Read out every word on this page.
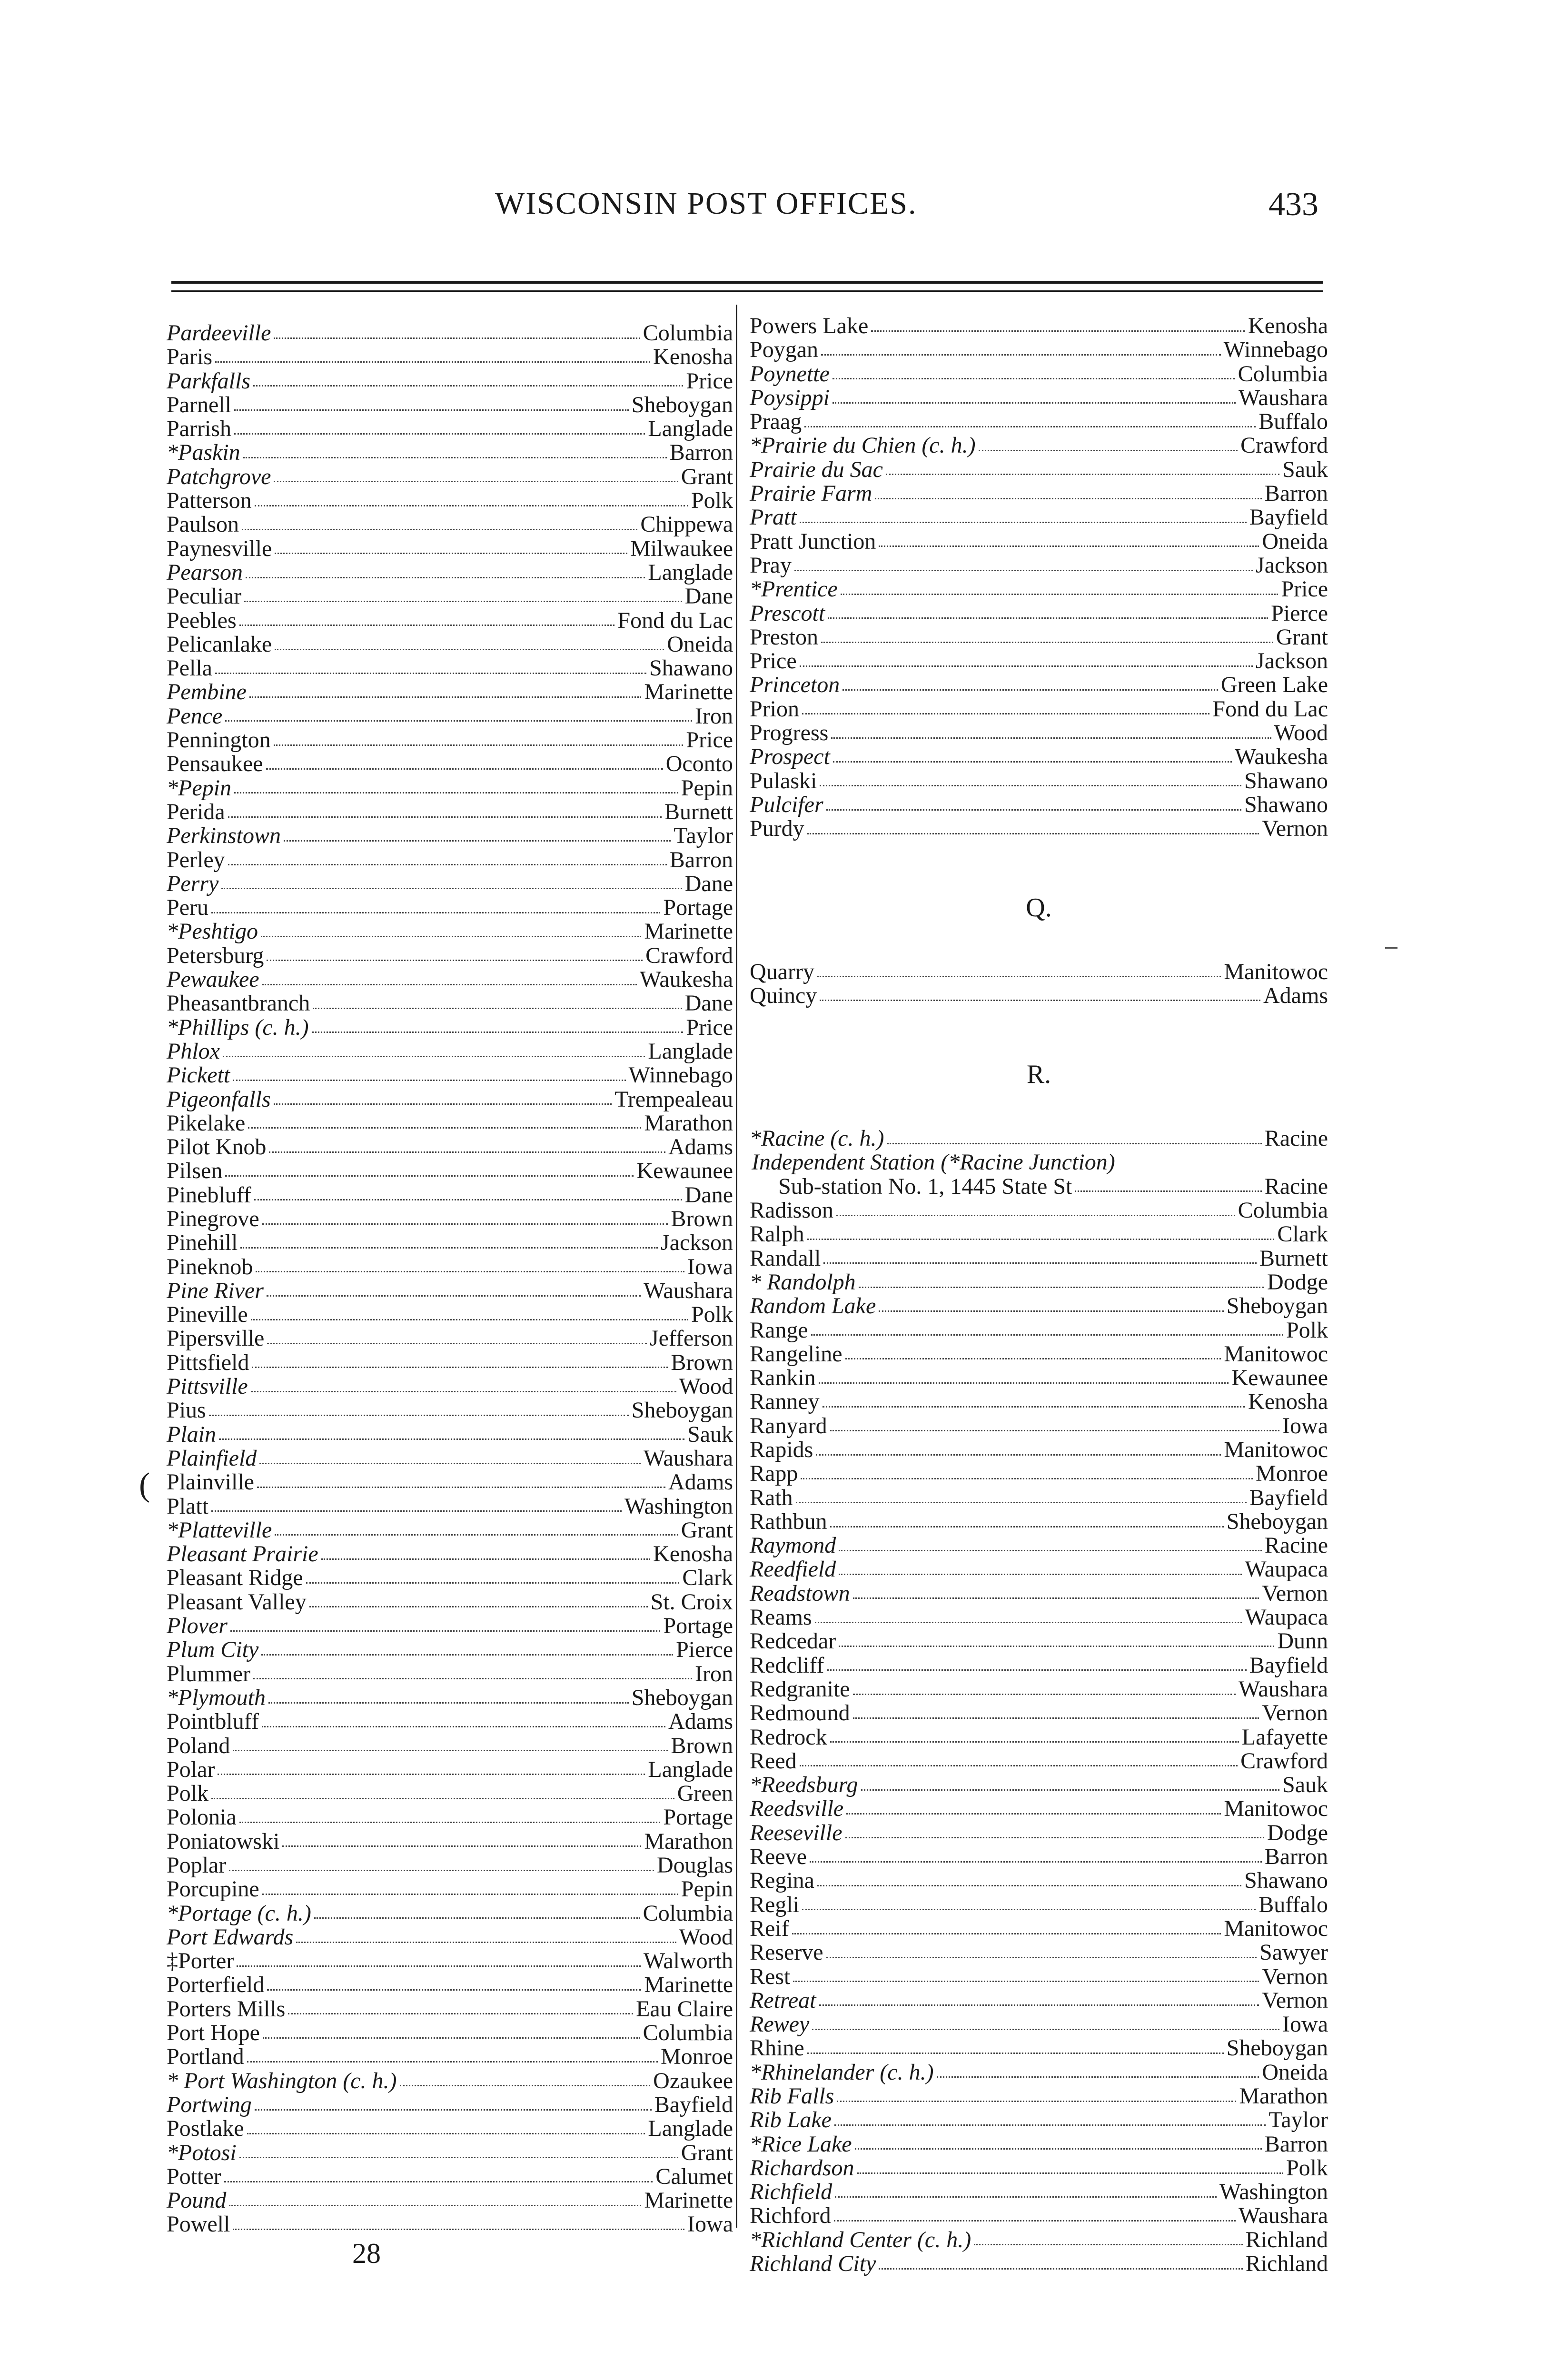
WISCONSIN POST OFFICES.	433
Pardeeville	Columbia
Paris	Kenosha
Parkfalls	Price
Parnell	Sheboygan
Parrish	Langlade
*Paskin	Barron
Patchgrove	Grant
Patterson	Polk
Paulson	Chippewa
Paynesville	Milwaukee
Pearson	Langlade
Peculiar	Dane
Peebles	Fond du Lac
Pelicanlake	Oneida
Pella	Shawano
Pembine	Marinette
Pence	Iron
Pennington	Price
Pensaukee	Oconto
*Pepin	Pepin
Perida	Burnett
Perkinstown	Taylor
Perley	Barron
Perry	Dane
Peru	Portage
*Peshtigo	Marinette
Petersburg	Crawford
Pewaukee	Waukesha
Pheasantbranch	Dane
*Phillips (c. h.)	Price
Phlox	Langlade
Pickett	Winnebago
Pigeonfalls	Trempealeau
Pikelake	Marathon
Pilot Knob	Adams
Pilsen	Kewaunee
Pinebluff	Dane
Pinegrove	Brown
Pinehill	Jackson
Pineknob	Iowa
Pine River	Waushara
Pineville	Polk
Pipersville	Jefferson
Pittsfield	Brown
Pittsville	Wood
Pius	Sheboygan
Plain	Sauk
Plainfield	Waushara
Plainville	Adams
Platt	Washington
*Platteville	Grant
Pleasant Prairie	Kenosha
Pleasant Ridge	Clark
Pleasant Valley	St. Croix
Plover	Portage
Plum City	Pierce
Plummer	Iron
*Plymouth	Sheboygan
Pointbluff	Adams
Poland	Brown
Polar	Langlade
Polk	Green
Polonia	Portage
Poniatowski	Marathon
Poplar	Douglas
Porcupine	Pepin
*Portage (c. h.)	Columbia
Port Edwards	Wood
‡Porter	Walworth
Porterfield	Marinette
Porters Mills	Eau Claire
Port Hope	Columbia
Portland	Monroe
* Port Washington (c. h.)	Ozaukee
Portwing	Bayfield
Postlake	Langlade
*Potosi	Grant
Potter	Calumet
Pound	Marinette
Powell	Iowa
Powers Lake	Kenosha
Poygan	Winnebago
Poynette	Columbia
Poysippi	Waushara
Praag	Buffalo
*Prairie du Chien (c. h.)	Crawford
Prairie du Sac	Sauk
Prairie Farm	Barron
Pratt	Bayfield
Pratt Junction	Oneida
Pray	Jackson
*Prentice	Price
Prescott	Pierce
Preston	Grant
Price	Jackson
Princeton	Green Lake
Prion	Fond du Lac
Progress	Wood
Prospect	Waukesha
Pulaski	Shawano
Pulcifer	Shawano
Purdy	Vernon
Q.
Quarry	Manitowoc
Quincy	Adams
R.
*Racine (c. h.)	Racine
Independent Station (*Racine Junction)
Sub-station No. 1, 1445 State St	Racine
Radisson	Columbia
Ralph	Clark
Randall	Burnett
* Randolph	Dodge
Random Lake	Sheboygan
Range	Polk
Rangeline	Manitowoc
Rankin	Kewaunee
Ranney	Kenosha
Ranyard	Iowa
Rapids	Manitowoc
Rapp	Monroe
Rath	Bayfield
Rathbun	Sheboygan
Raymond	Racine
Reedfield	Waupaca
Readstown	Vernon
Reams	Waupaca
Redcedar	Dunn
Redcliff	Bayfield
Redgranite	Waushara
Redmound	Vernon
Redrock	Lafayette
Reed	Crawford
*Reedsburg	Sauk
Reedsville	Manitowoc
Reeseville	Dodge
Reeve	Barron
Regina	Shawano
Regli	Buffalo
Reif	Manitowoc
Reserve	Sawyer
Rest	Vernon
Retreat	Vernon
Rewey	Iowa
Rhine	Sheboygan
*Rhinelander (c. h.)	Oneida
Rib Falls	Marathon
Rib Lake	Taylor
*Rice Lake	Barron
Richardson	Polk
Richfield	Washington
Richford	Waushara
*Richland Center (c. h.)	Richland
Richland City	Richland
28
(
